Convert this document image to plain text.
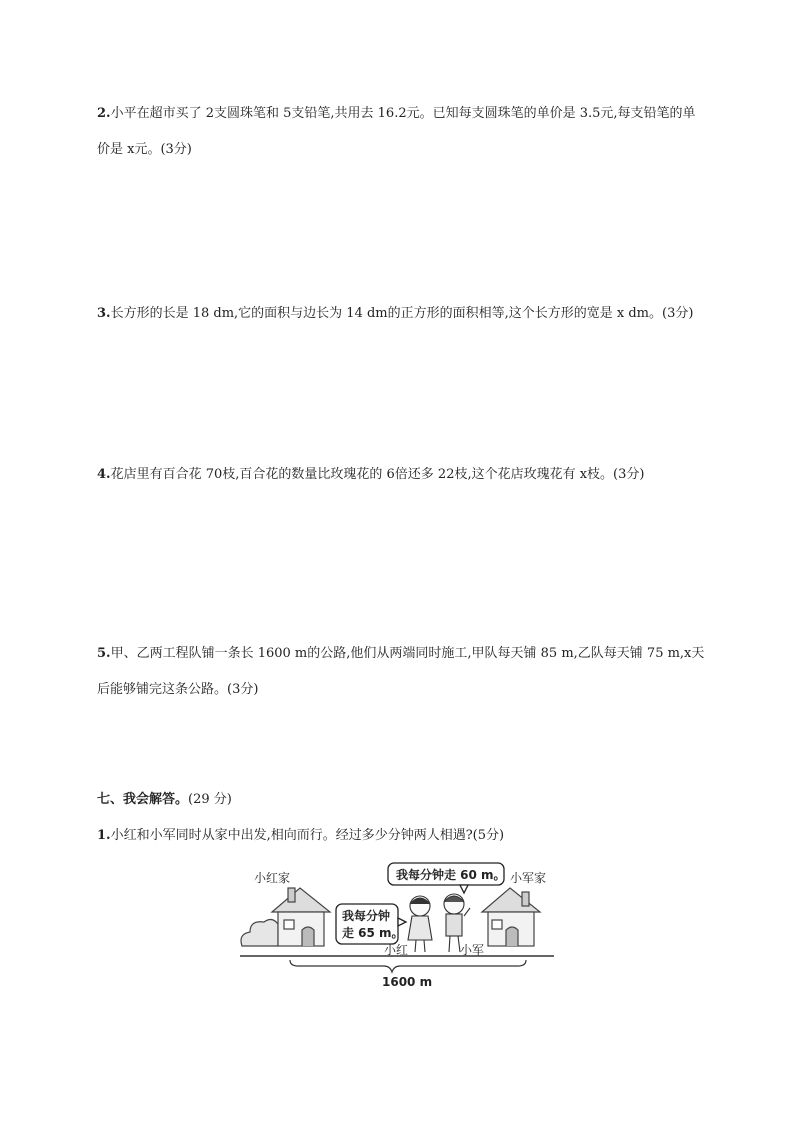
2.小平在超市买了 2支圆珠笔和 5支铅笔,共用去 16.2元。已知每支圆珠笔的单价是 3.5元,每支铅笔的单价是 x元。(3分)
3.长方形的长是 18 dm,它的面积与边长为 14 dm的正方形的面积相等,这个长方形的宽是 x dm。(3分)
4.花店里有百合花 70枝,百合花的数量比玫瑰花的 6倍还多 22枝,这个花店玫瑰花有 x枝。(3分)
5.甲、乙两工程队铺一条长 1600 m的公路,他们从两端同时施工,甲队每天铺 85 m,乙队每天铺 75 m,x天后能够铺完这条公路。(3分)
七、我会解答。(29 分)
1.小红和小军同时从家中出发,相向而行。经过多少分钟两人相遇?(5分)
小红家	小军家
我每分钟走 60 m。
我每分钟
走 65 m。
小红	小军
1600 m
